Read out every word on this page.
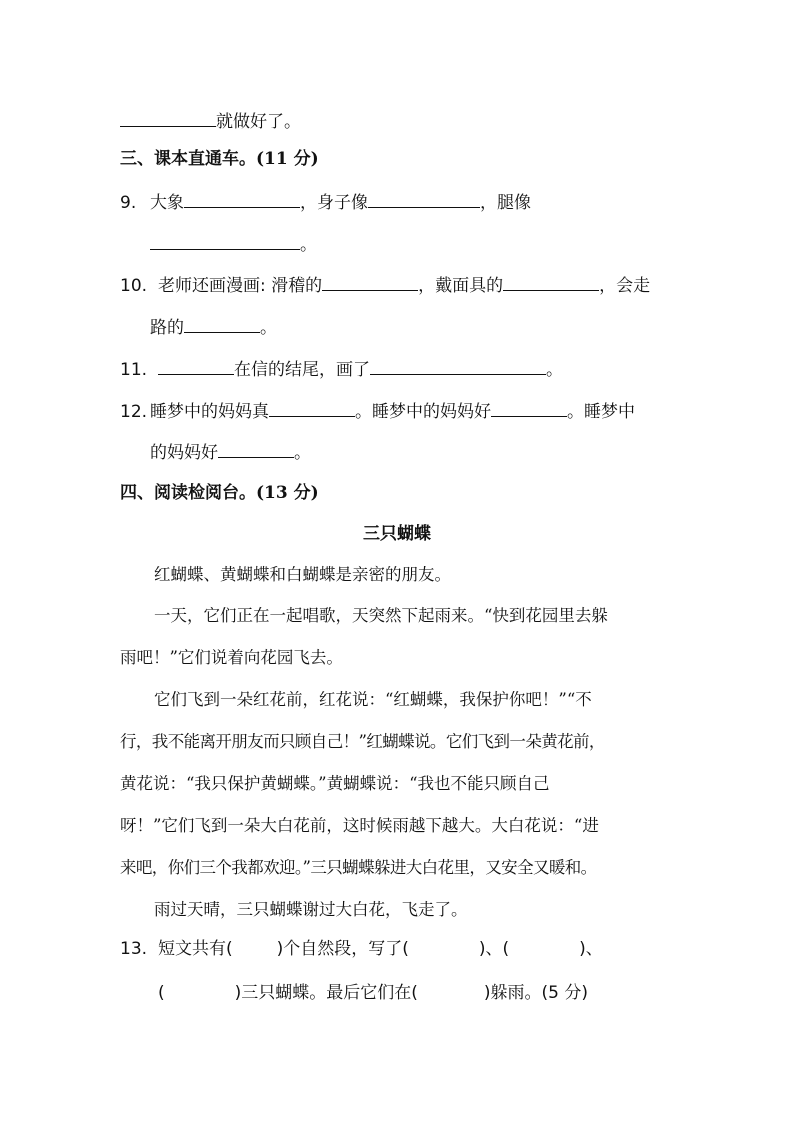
就做好了。
三、课本直通车。(11 分)
9. 大象	，身子像	，腿像
。
10. 老师还画漫画: 滑稽的	，戴面具的	，会走
路的	。
11.	在信的结尾，画了	。
12. 睡梦中的妈妈真	。睡梦中的妈妈好	。睡梦中
的妈妈好	。
四、阅读检阅台。(13 分)
三只蝴蝶
红蝴蝶、黄蝴蝶和白蝴蝶是亲密的朋友。
一天，它们正在一起唱歌，天突然下起雨来。“快到花园里去躲
雨吧！”它们说着向花园飞去。
它们飞到一朵红花前，红花说：“红蝴蝶，我保护你吧！”“不
行，我不能离开朋友而只顾自己！”红蝴蝶说。它们飞到一朵黄花前，
黄花说：“我只保护黄蝴蝶。”黄蝴蝶说：“我也不能只顾自己
呀！”它们飞到一朵大白花前，这时候雨越下越大。大白花说：“进
来吧，你们三个我都欢迎。”三只蝴蝶躲进大白花里，又安全又暖和。
雨过天晴，三只蝴蝶谢过大白花，飞走了。
13. 短文共有(	)个自然段，写了(	)、(	)、
(	)三只蝴蝶。最后它们在(	)躲雨。(5 分)
